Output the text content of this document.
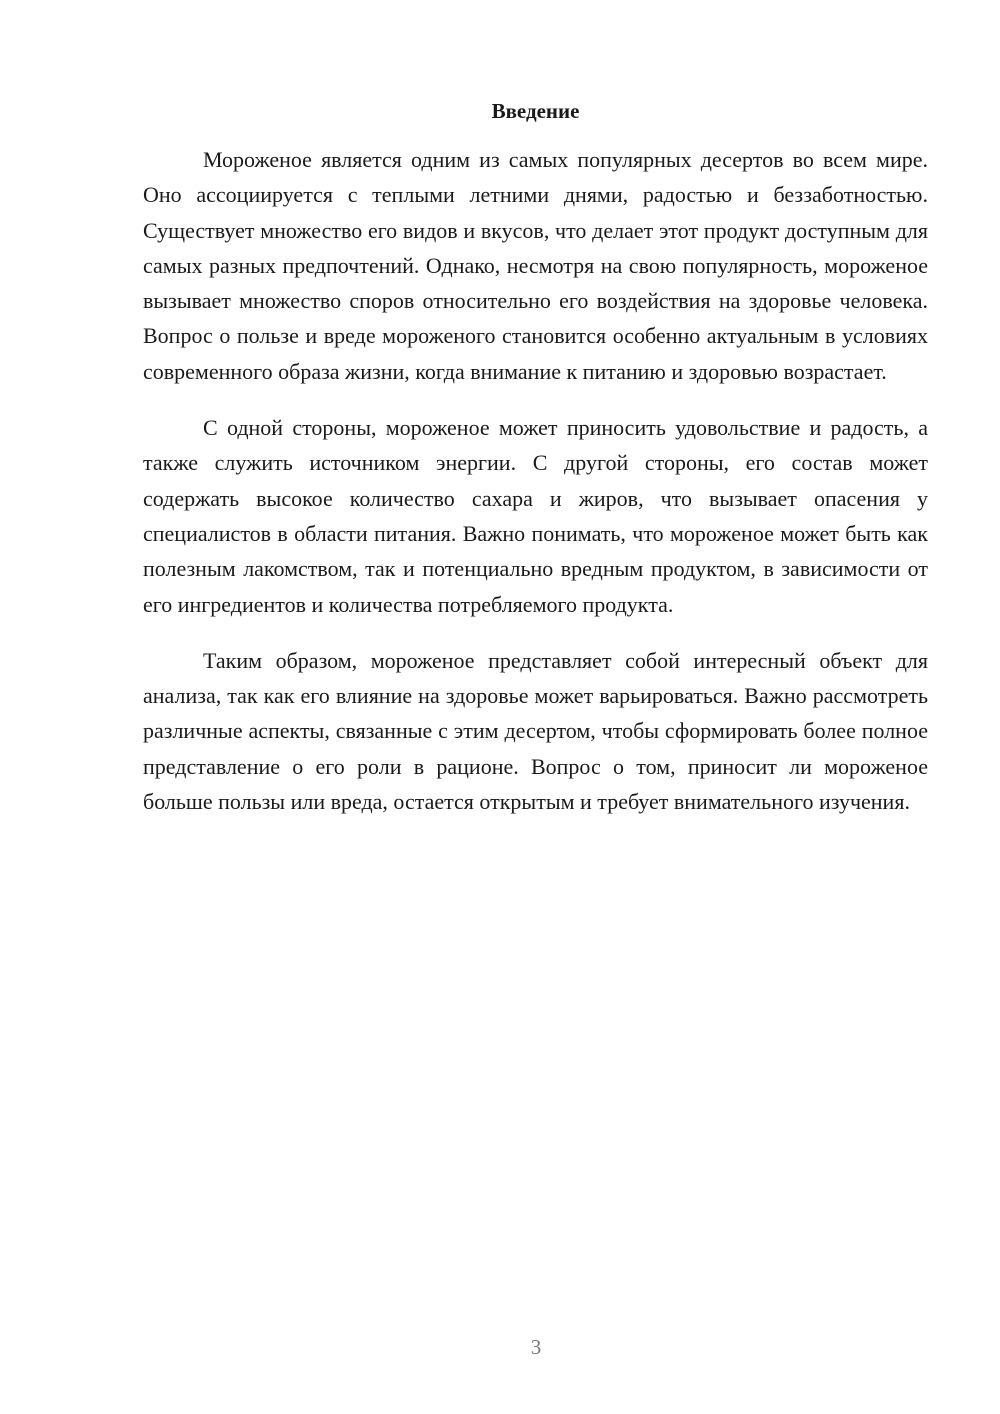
Введение

Мороженое является одним из самых популярных десертов во всем мире. Оно ассоциируется с теплыми летними днями, радостью и беззаботностью. Существует множество его видов и вкусов, что делает этот продукт доступным для самых разных предпочтений. Однако, несмотря на свою популярность, мороженое вызывает множество споров относительно его воздействия на здоровье человека. Вопрос о пользе и вреде мороженого становится особенно актуальным в условиях современного образа жизни, когда внимание к питанию и здоровью возрастает.

С одной стороны, мороженое может приносить удовольствие и радость, а также служить источником энергии. С другой стороны, его состав может содержать высокое количество сахара и жиров, что вызывает опасения у специалистов в области питания. Важно понимать, что мороженое может быть как полезным лакомством, так и потенциально вредным продуктом, в зависимости от его ингредиентов и количества потребляемого продукта.

Таким образом, мороженое представляет собой интересный объект для анализа, так как его влияние на здоровье может варьироваться. Важно рассмотреть различные аспекты, связанные с этим десертом, чтобы сформировать более полное представление о его роли в рационе. Вопрос о том, приносит ли мороженое больше пользы или вреда, остается открытым и требует внимательного изучения.

3
